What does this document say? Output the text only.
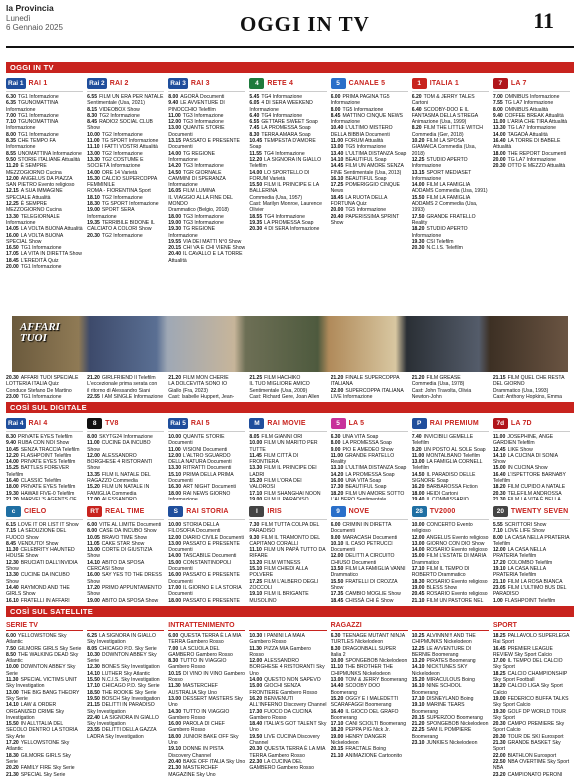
la Provincia
Lunedì
6 Gennaio 2025	OGGI IN TV	11
OGGI IN TV
Rai 1 RAI 1
6.30 TG1 Informazione
6.35 TGUNOMATTINA Informazione
7.00 TG1 Informazione
7.10 TGUNOMATTINA Informazione
8.00 TG1 Informazione
8.35 CHE TEMPO FA Informazione
8.55 UNOMATTINA Informazione
9.50 STORIE ITALIANE Attualità
11.20 È SEMPRE MEZZOGIORNO Cucina
12.00 ANGELUS DA PIAZZA SAN PIETRO Evento religioso
12.15 A SUA IMMAGINE SPECIALE Attualità
12.25 È SEMPRE MEZZOGIORNO Cucina
13.30 TELEGIORNALE Informazione
14.05 LA VOLTA BUONA Attualità
16.00 LA VOLTA BUONA SPECIAL Show
16.50 TG1 Informazione
17.05 LA VITA IN DIRETTA Show
18.45 L'EREDITÀ Quiz
20.00 TG1 Informazione
Rai 2 RAI 2
6.55 FILM UN ERA PER NATALE Sentimentale (Usa, 2021)
8.15 VIDEOBOX Show
8.30 TG2 Informazione
8.45 RADIO2 SOCIAL CLUB Show
10.00 TG2 Informazione
11.00 TG SPORT Informazione
11.10 I FATTI VOSTRI Attualità
13.00 TG2 Informazione
13.30 TG2 COSTUME E SOCIETÀ Informazione
14.00 ORE 14 Varietà
15.30 CALCIO SUPERCOPPA FEMMINILE
ROMA - FIORENTINA Sport
18.10 TG2 Informazione
18.30 TG SPORT Informazione
19.00 SPORT SERA Informazione
19.35 TERRIBILE BIDONE IL CALCIATO A COLORI Show
20.30 TG2 Informazione
Rai 3 RAI 3
8.00 AGORÀ Documenti
9.40 LE AVVENTURE DI PINOCCHIO Telefilm
11.00 TG3 Informazione
12.00 TG3 Informazione
13.00 QUANTE STORIE Documenti
13.15 PASSATO E PRESENTE Documenti
14.00 TG REGIONE Informazione
14.20 TG3 Informazione
14.50 TGR GIORNALE
CAMMINI DI SPERANZA Informazione
16.05 FILM LUMINA
IL VIAGGIO ALLA FINE DEL MONDO
Drammatico (Belgio, 2018)
18.00 TG3 Informazione
19.00 TG3 Informazione
19.30 TG REGIONE Informazione
19.55 VIA DEI MATTI N°0 Show
20.15 CHI VA E CHI VIENE Show
20.40 IL CAVALLO E LA TORRE Attualità
4	RETE 4
5.45 TG4 Informazione
6.05 4 DI SERA WEEKEND Informazione
6.40 TG4 Informazione
6.55 GETTARE SWEET Soap
7.45 LA PROMESSA Soap
8.30 TERRA AMARA Soap
10.45 TEMPESTA D'AMORE Soap
11.55 TG4 Informazione
12.20 LA SIGNORA IN GIALLO Telefilm
14.00 LO SPORTELLO DI FORUM Varietà
15.50 FILM IL PRINCIPE E LA BALLERINA
Commedia (Usa, 1957)
Cast: Marilyn Monroe, Laurence Olivier
18.55 TG4 Informazione
19.35 LA PROMESSA Soap
20.30 4 DI SERA Informazione
5	CANALE 5
6.00 PRIMA PAGINA TG5 Informazione
8.00 TG5 Informazione
8.45 MATTINO CINQUE NEWS Informazione
10.40 L'ULTIMO MISTERO DELLA BIBBIA Documenti
11.00 FORUM Attualità
13.00 TG5 Informazione
13.40 L'ULTIMA DISTANZA Soap
14.10 BEAUTIFUL Soap
14.45 FILM UN AMORE SENZA FINE Sentimentale (Usa, 2013)
16.10 BEAUTIFUL Soap
17.25 POMERIGGIO CINQUE News
18.45 LA RUOTA DELLA FORTUNA Quiz
20.00 TG5 Informazione
20.40 PAPERISSIMA SPRINT Show
1	ITALIA 1
6.20 TOM & JERRY TALES Cartoni
6.40 SCOOBY-DOO E IL FANTASMA DELLA STREGA Animazione (Usa, 1999)
8.20 FILM THE LITTLE WITCH Commedia (Ger, 2018)
10.20 FILM LA SPOSA GIAMAICA Commedia (Usa, 2018)
12.25 STUDIO APERTO Informazione
13.15 SPORT MEDIASET Informazione
14.00 FILM LA FAMIGLIA ADDAMS Commedia (Usa, 1991)
15.50 FILM LA FAMIGLIA ADDAMS 2 Commedia (Usa, 1993)
17.50 GRANDE FRATELLO Reality
18.20 STUDIO APERTO Informazione
19.30 CSI Telefilm
20.30 N.C.I.S. Telefilm
7	LA 7
7.00 OMNIBUS Informazione
7.55 TG LA7 Informazione
8.00 OMNIBUS Attualità
9.40 COFFEE BREAK Attualità
11.00 L'ARIA CHE TIRA Attualità
13.30 TG LA7 Informazione
14.00 TAGADÀ Attualità
16.40 LA TORRE DI BABELE Attualità
18.00 THE REPORT Documenti
20.00 TG LA7 Informazione
20.30 OTTO E MEZZO Attualità
AFFARI
TUOI
20.30 AFFARI TUOI SPECIALE LOTTERIA ITALIA Quiz
Conduce Stefano De Martino
23.00 TG1 Informazione
21.20 GIRLFRIEND II Telefilm
L'eccezionale prima serata con
il ritorno di Alessandro Siani
22.55 I AM SINGLE Informazione
21.20 FILM MON CHÉRIE
LA DOLCEVITA SONO IO
Giallo (Fra, 2023)
Cast: Isabelle Huppert, Jean-
21.25 FILM HACHIKO
IL TUO MIGLIORE AMICO
Sentimentale (Usa, 2009)
Cast: Richard Gere, Joan Allen
21.20 FINALE SUPERCOPPA ITALIANA
22.00 SUPERCOPPA ITALIANA LIVE Informazione
21.20 FILM GREASE
Commedia (Usa, 1978)
Cast: John Travolta, Olivia Newton-John
21.15 FILM QUEL CHE RESTA DEL GIORNO
Drammatico (Usa, 1993)
Cast: Anthony Hopkins, Emma
COSÌ SUL DIGITALE
Rai 4 RAI 4
8.30 PRIVATE EYES Telefilm
9.40 RUBA CON NOI Show
10.45 SENZA TRACCIA Telefilm
12.20 FLASHPOINT Telefilm
14.00 PRIVATE EYES Telefilm
15.25 BATTLES FOREVER Telefilm
16.40 CLASSIC Telefilm
18.00 PRIVATE EYES Telefilm
19.30 HAWAII FIVE-0 Telefilm
21.20 MARVEL'S AGENTS OF
8	TV8
8.00 SKYTG24 Informazione
11.00 CUCINE DA INCUBO Show
12.00 ALESSANDRO BORGHESE 4 RISTORANTI Show
13.35 FILM IL NATALE DEL RAGAZZO Commedia
15.20 FILM UN NATALE IN FAMIGLIA Commedia
17.00 ALESSANDRO
Rai 5 RAI 5
10.00 QUANTE STORIE Documenti
11.00 VISIONI Documenti
12.00 L'ALTRO SGUARDO DELLA NATURA Documenti
13.30 RITRATTI Documenti
15.10 PRIMA DELLA PRIMA Documenti
16.30 ART NIGHT Documenti
18.00 RAI NEWS GIORNO Informazione
M	RAI MOVIE
8.05 FILM GIANNI ORI
10.00 FILM UN MARITO PER TUTTE
11.45 FILM CITTÀ DI FRONTIERA
13.30 FILM IL PRINCIPE DEI LADRI
15.20 FILM L'ORA DEI VALOROSI
17.10 FILM SHANGHAI NOON
19.00 FILM IL PARADISO
5	LA 5
6.30 UNA VITA Soap
8.00 LA PROMESSA Soap
9.00 PIO E AMEDEO Show
11.00 GRANDE FRATELLO Reality
13.10 L'ULTIMA DISTANZA Soap
14.20 LA PROMESSA Soap
16.00 UNA VITA Soap
17.30 BEAUTIFUL Soap
18.20 FILM UN AMORE SOTTO L'ALBERO Sentimentale
P	RAI PREMIUM
7.40 INVICIBILI GEMELLE Telefilm
9.20 UN POSTO AL SOLE Soap
11.00 MONTALBANO Telefilm
13.00 LA FAMIGLIA CORNELL Telefilm
14.50 IL PARADISO DELLE SIGNORE Soap
16.20 BARBAROSSA Fiction
18.00 HEIDI Cartoni
19.40 IL COMMISSARIO
7d LA 7D
11.00 JOSEPHINE, ANGE GARDIEN Telefilm
12.45 LIKE Show
14.10 LA CUCINA DI SONIA Show
15.00 IN CUCINA Show
16.40 L'ISPETTORE BARNABY Telefilm
18.20 FILM CUPIDO A NATALE
20.30 TELEFILM ANDROSSA
21.30 FILM LA VITA È BELLA
c	CIELO
6.15 LOVE IT OR LIST IT Show
7.15 LA SEDUZIONE DEL FUOCO Show
8.45 VENDUTO! Show
11.30 CELEBRITY HAUNTED HOUSE Show
12.30 BRUCIATI DALL'INVIDIA Show
13.30 CUCINE DA INCUBO Show
14.40 RAYMOND AND THE GIRLS Show
16.10 FRATELLI IN AFFARI
RT REAL TIME
6.00 VITE AL LIMITE Documenti
8.00 CASE DA INCUBO Show
10.05 BRAVO TIME Show
11.05 CAKE STAR Show
13.00 CORTE DI GIUSTIZIA Show
14.10 ABITO DA SPOSA CERCASI Show
16.00 SAY YES TO THE DRESS Show
17.20 PRIMO APPUNTAMENTO Show
19.00 ABITO DA SPOSA Show
S	RAI STORIA
10.00 STORIA DELLA FILOSOFIA Documenti
12.00 DIARIO CIVILE Documenti
13.00 PASSATO E PRESENTE Documenti
14.00 TASCABILE Documenti
15.00 CONSTANTINOPOLI Documenti
16.00 PASSATO E PRESENTE Documenti
17.00 IL GIORNO E LA STORIA Documenti
18.00 PASSATO E PRESENTE
I	IRIS
7.30 FILM TUTTA COLPA DEL PARADISO
9.30 FILM IL TRAMONTO DEL CAPITANO CORALLI
11.10 FILM UN PAPÀ TUTTO DA RIFARE
13.20 FILM WITNESS
15.10 FILM CHIEDI ALLA POLVERE
17.25 FILM L'ALBERO DEGLI ZOCCOLI
19.10 FILM IL BRIGANTE MUSOLINO
9	NOVE
6.00 CRIMINI IN DIRETTA Documenti
9.00 MARACASH Documenti
10.10 IL CASO PETRUCCI Documenti
12.00 DELITTI A CIRCUITO CHIUSO Documenti
13.50 FILM LA FAMIGLIA VANNI Drammatico
15.50 FRATELLI DI CROZZA Show
17.35 CAMBIO MOGLIE Show
18.45 CHISSÀ CHI È Show
28 TV2000
10.00 CONCERTO Evento religioso
12.00 ANGELUS Evento religioso
13.00 GIORNO CON DIO Show
14.00 ROSARIO Evento religioso
15.00 FILM L'ESTATE DI MARIA Drammatico
17.10 FILM IL TEMPO DI ROBERTO Drammatico
18.30 ROSARIO Evento religioso
19.00 BLESS Show
20.45 ROSARIO Evento religioso
21.10 FILM UN PASTORE NEL
20 TWENTY SEVEN
5.55 SCRITTORI Show
7.10 LOVE LIFE Show
8.00 LA CASA NELLA PRATERIA Telefilm
12.00 LA CASA NELLA PRATERIA Telefilm
17.20 COLOMBO Telefilm
19.10 LA CASA NELLA PRATERIA Telefilm
21.10 FILM LA ROSA BIANCA
23.05 FILM L'ULTIMO BUS DEL PARADISO
1.00 FLASHPOINT Telefilm
COSÌ SUL SATELLITE
SERIE TV
6.00 YELLOWSTONE Sky Atlantic
7.50 GILMORE GIRLS Sky Serie
8.50 THE WALKING DEAD Sky Atlantic
10.00 DOWNTON ABBEY Sky Serie
11.30 SPECIAL VICTIMS UNIT Sky Investigation
13.00 THE BIG BANG THEORY Sky Serie
14.10 LAW & ORDER ORGANIZED CRIME Sky Investigation
15.50 IN ALL'ITALIA DEL SECOLO DENTRO LA STORIA Sky Arte
17.20 YELLOWSTONE Sky Atlantic
18.30 GILMORE GIRLS Sky Serie
20.20 FAMILY FIRE Sky Serie
21.30 SPECIAL Sky Serie
6.25 LA SIGNORA IN GIALLO Sky Investigation
8.05 CHICAGO P.D. Sky Serie
10.30 DOWNTON ABBEY Sky Serie
12.30 BONES Sky Investigation
14.10 LUTHER Sky Atlantic
15.50 N.C.I.S. Sky Investigation
17.10 CHICAGO P.D. Sky Serie
18.50 THE ROOKIE Sky Serie
19.50 BOSCH Sky Investigation
21.15 DELITTI IN PARADISO Sky Investigation
22.40 LA SIGNORA IN GIALLO Sky Investigation
23.55 DELITTI DELLA GAZZA LADRA Sky Investigation
INTRATTENIMENTO
6.00 QUESTA TERRA È LA MIA TERRA Gambero Rosso
7.00 LA SCUOLA DEL GAMBERO Gambero Rosso
8.30 TUTTO IN VIAGGIO Gambero Rosso
10.15 DI VINO IN VINO Gambero Rosso
11.30 MASTERCHEF AUSTRALIA Sky Uno
13.00 DESSERT MASTERS Sky Uno
14.30 TUTTO IN VIAGGIO Gambero Rosso
16.00 PAROLA DI CHEF Gambero Rosso
18.00 JUNIOR BAKE OFF Sky Uno
19.10 DONNE IN PISTA Discovery Channel
20.40 BAKE OFF ITALIA Sky Uno
21.30 MASTERCHEF MAGAZINE Sky Uno
10.30 I PANINI LA MAIA Gambero Rosso
11.30 PIZZA MIA Gambero Rosso
12.00 ALESSANDRO BORGHESE 4 RISTORANTI Sky Uno
14.00 QUESTO NON SAPEVO
15.00 GIOCHI SENZA FRONTIERE Gambero Rosso
16.20 BENVENUTI ALL'INFERNO Discovery Channel
17.30 FUOCO DA CUCINA Gambero Rosso
18.40 ITALIA'S GOT TALENT Sky Uno
19.50 LIVE CUCINA Discovery Channel
20.30 QUESTA TERRA È LA MIA TERRA Gambero Rosso
22.30 LA CUCINA DEL GAMBERO Gambero Rosso
RAGAZZI
6.30 TEENAGE MUTANT NINJA TURTLES Nickelodeon
8.30 DRAGONBALL SUPER Italia 2
10.00 SPONGEBOB Nickelodeon
11.10 THE BROTHER THE CHIPMUNKS Nickelodeon
13.00 TOM & JERRY Boomerang
14.40 SCOOBY DOO Boomerang
15.20 OGGY E I MALEDETTI SCARAFAGGI Boomerang
16.40 IL GIOCO DEL GRAFO Boomerang
17.10 CANI SCIOLTI Boomerang
18.20 PEPPA PIG Nick Jr.
19.00 HENRY DANGER Nickelodeon
20.15 FRACTALE Boing
21.10 ANIMAZIONE Cartoonito
10.25 ALVINNN!!! AND THE CHIPMUNKS Nickelodeon
12.25 LE AVVENTURE DI BERNIE Boomerang
13.20 PIRATES Boomerang
14.10 NICKTUNES SKY Nickelodeon
15.20 MIRACULOUS Boing
16.10 NINE SCHOOL Boomerang
17.10 DISNEYLAND Boing
19.10 MARINE TEARS Boomerang
20.15 SUPERZOO Boomerang
21.20 SPONGEBOB Nickelodeon
22.25 SAM IL POMPIERE Boomerang
23.10 JUNKIES Nickelodeon
SPORT
18.25 PALLAVOLO SUPERLEGA Rai Sport
16.45 PREMIER LEAGUE REVIEW Sky Sport Calcio
17.00 IL TEMPO DEL CALCIO Sky Sport
18.25 CALCIO CHAMPIONSHIP Sky Sport Football
18.20 CALCIO LIGA Sky Sport Calcio
19.00 FEDERICO BUFFA TALKS Sky Sport Calcio
19.30 GOLF DP WORLD TOUR Sky Sport
20.30 CAMPO PREMIERE Sky Sport Calcio
20.30 TOUR DE SKI Eurosport
21.30 GRANDE BASKET Sky Sport
22.00 BIATHLON Eurosport
22.50 NBA OVERTIME Sky Sport NBA
23.20 CAMPIONATO PERONI
